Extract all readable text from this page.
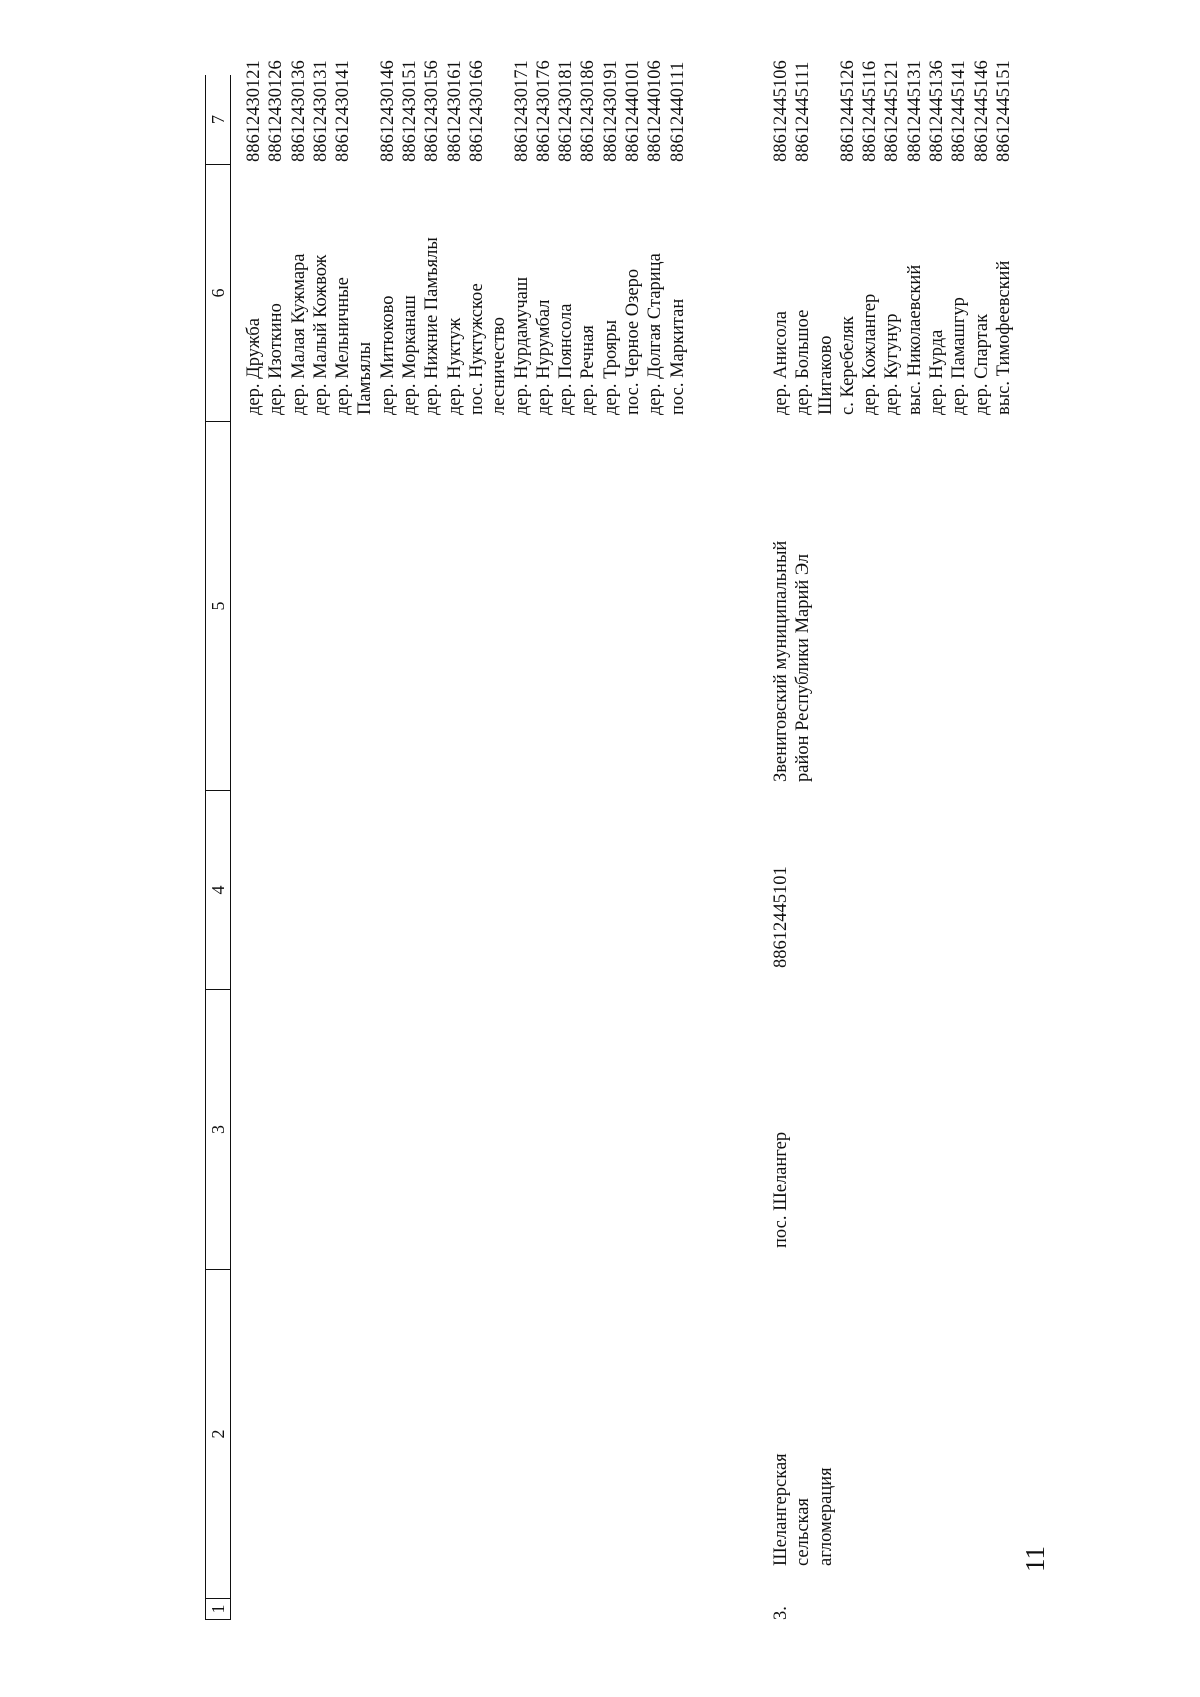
11
1
2
3
4
5
6
7
дер. Дружба дер. Изоткино дер. Малая Кужмара дер. Малый Кожвож дер. Мельничные Памъялы дер. Митюково дер. Морканаш дер. Нижние Памъялы дер. Нуктуж пос. Нуктужское лесничество дер. Нурдамучаш дер. Нурумбал дер. Поянсола дер. Речная дер. Трояры пос. Черное Озеро дер. Долгая Старица пос. Маркитан
88612430121 88612430126 88612430136 88612430131 88612430141 88612430146 88612430151 88612430156 88612430161 88612430166 88612430171 88612430176 88612430181 88612430186 88612430191 88612440101 88612440106 88612440111
3.
Шелангерская
сельская
агломерация
пос. Шелангер
88612445101
Звениговский муниципальный
район Республики Марий Эл
дер. Анисола дер. Большое Шигаково с. Керебеляк дер. Кожлангер дер. Кугунур выс. Николаевский дер. Нурда дер. Памашгур дер. Спартак выс. Тимофеевский
88612445106 88612445111 88612445126 88612445116 88612445121 88612445131 88612445136 88612445141 88612445146 88612445151
